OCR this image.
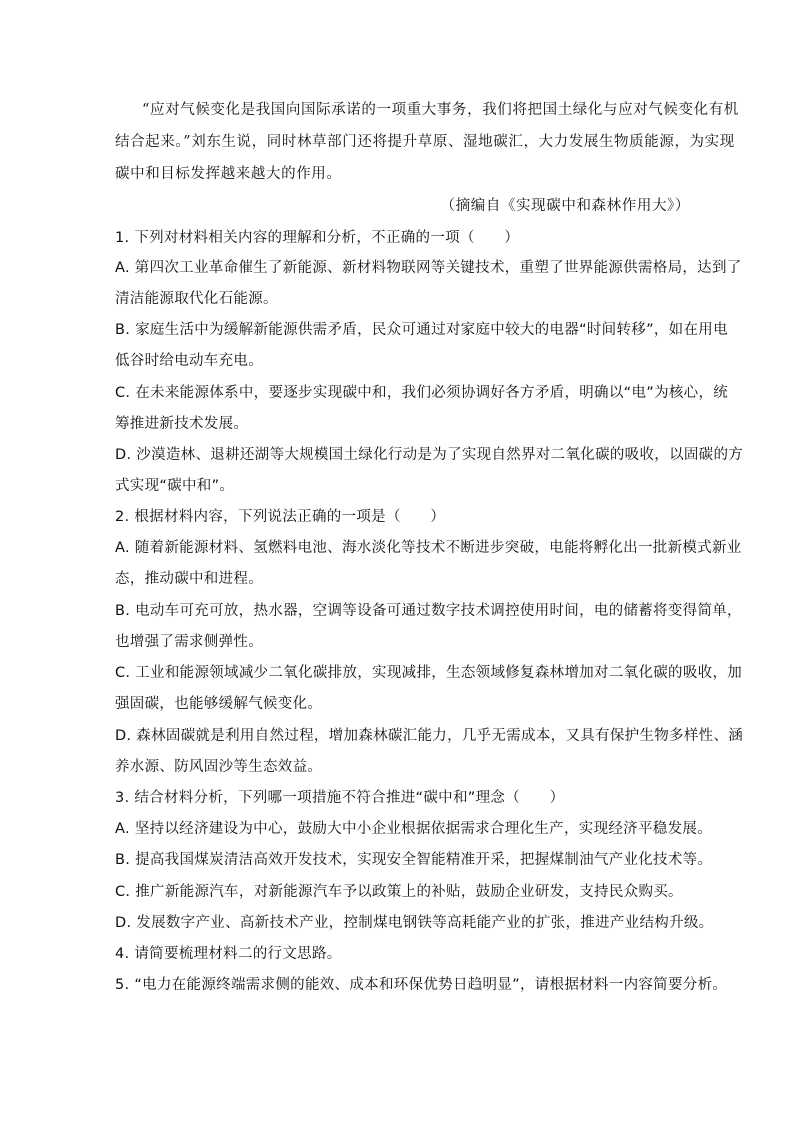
“应对气候变化是我国向国际承诺的一项重大事务，我们将把国土绿化与应对气候变化有机
结合起来。”刘东生说，同时林草部门还将提升草原、湿地碳汇，大力发展生物质能源，为实现
碳中和目标发挥越来越大的作用。
（摘编自《实现碳中和森林作用大》）
1. 下列对材料相关内容的理解和分析，不正确的一项（　　）
A. 第四次工业革命催生了新能源、新材料物联网等关键技术，重塑了世界能源供需格局，达到了
清洁能源取代化石能源。
B. 家庭生活中为缓解新能源供需矛盾，民众可通过对家庭中较大的电器“时间转移”，如在用电
低谷时给电动车充电。
C. 在未来能源体系中，要逐步实现碳中和，我们必须协调好各方矛盾，明确以“电”为核心，统
筹推进新技术发展。
D. 沙漠造林、退耕还湖等大规模国土绿化行动是为了实现自然界对二氧化碳的吸收，以固碳的方
式实现“碳中和”。
2. 根据材料内容，下列说法正确的一项是（　　）
A. 随着新能源材料、氢燃料电池、海水淡化等技术不断进步突破，电能将孵化出一批新模式新业
态，推动碳中和进程。
B. 电动车可充可放，热水器，空调等设备可通过数字技术调控使用时间，电的储蓄将变得简单，
也增强了需求侧弹性。
C. 工业和能源领域减少二氧化碳排放，实现减排，生态领域修复森林增加对二氧化碳的吸收，加
强固碳，也能够缓解气候变化。
D. 森林固碳就是利用自然过程，增加森林碳汇能力，几乎无需成本，又具有保护生物多样性、涵
养水源、防风固沙等生态效益。
3. 结合材料分析，下列哪一项措施不符合推进“碳中和”理念（　　）
A. 坚持以经济建设为中心，鼓励大中小企业根据依据需求合理化生产，实现经济平稳发展。
B. 提高我国煤炭清洁高效开发技术，实现安全智能精准开采，把握煤制油气产业化技术等。
C. 推广新能源汽车，对新能源汽车予以政策上的补贴，鼓励企业研发，支持民众购买。
D. 发展数字产业、高新技术产业，控制煤电钢铁等高耗能产业的扩张，推进产业结构升级。
4. 请简要梳理材料二的行文思路。
5. “电力在能源终端需求侧的能效、成本和环保优势日趋明显”，请根据材料一内容简要分析。
